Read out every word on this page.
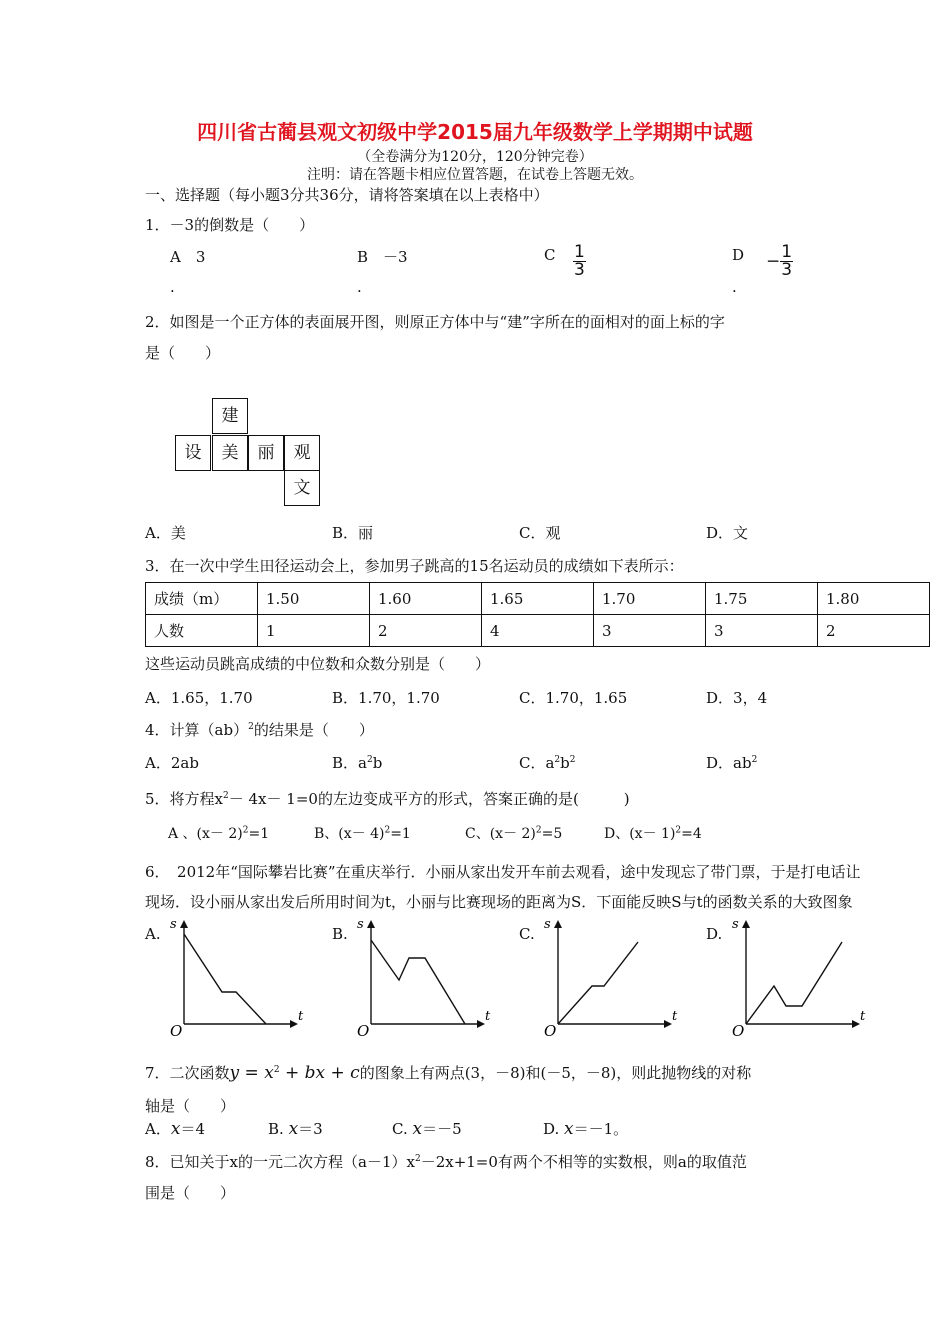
四川省古蔺县观文初级中学2015届九年级数学上学期期中试题
（全卷满分为120分，120分钟完卷）
注明：请在答题卡相应位置答题，在试卷上答题无效。
一、选择题（每小题3分共36分，请将答案填在以上表格中）
1．－3的倒数是（　　）
A　3
.
B　－3
.
C $\frac{1}{3}$	D
.
− $\frac{1}{3}$
2．如图是一个正方体的表面展开图，则原正方体中与“建”字所在的面相对的面上标的字
是（　　）
建
设	美	丽	观
文
A．美	B．丽	C．观	D．文
3．在一次中学生田径运动会上，参加男子跳高的15名运动员的成绩如下表所示：
成绩（m）	1.50	1.60	1.65	1.70	1.75	1.80
人数	1	2	4	3	3	2
这些运动员跳高成绩的中位数和众数分别是（　　）
A．1.65，1.70	B．1.70，1.70	C．1.70，1.65	D．3，4
4．计算（ab）$^2$的结果是（　　）
A．2ab	B．$a^2b$	C．$a^2b^2$	D．$ab^2$
5．将方程$x^2- 4x- 1=0$的左边变成平方的形式，答案正确的是(　　　)
A 、$(x- 2)^2=1$	B、$(x- 4)^2=1$	C、$(x- 2)^2=5$	D、$(x- 1)^2=4$
6．　2012年“国际攀岩比赛”在重庆举行．小丽从家出发开车前去观看，途中发现忘了带门票，于是打电话让
现场．设小丽从家出发后所用时间为t，小丽与比赛现场的距离为S．下面能反映S与t的函数关系的大致图象
A.	B.	C.	D.
s
t
O
s
t
O
s
t
O
s
t
O
7．二次函数$y = x^2$ + bx + c的图象上有两点(3，－8)和(－5，－8)，则此抛物线的对称
轴是（　　）
A．x＝4	B. x＝3	C. x＝－5	D. x＝－1。
8．已知关于x的一元二次方程$(a-1)x^2-2x+1=0$有两个不相等的实数根，则a的取值范
围是（　　）
